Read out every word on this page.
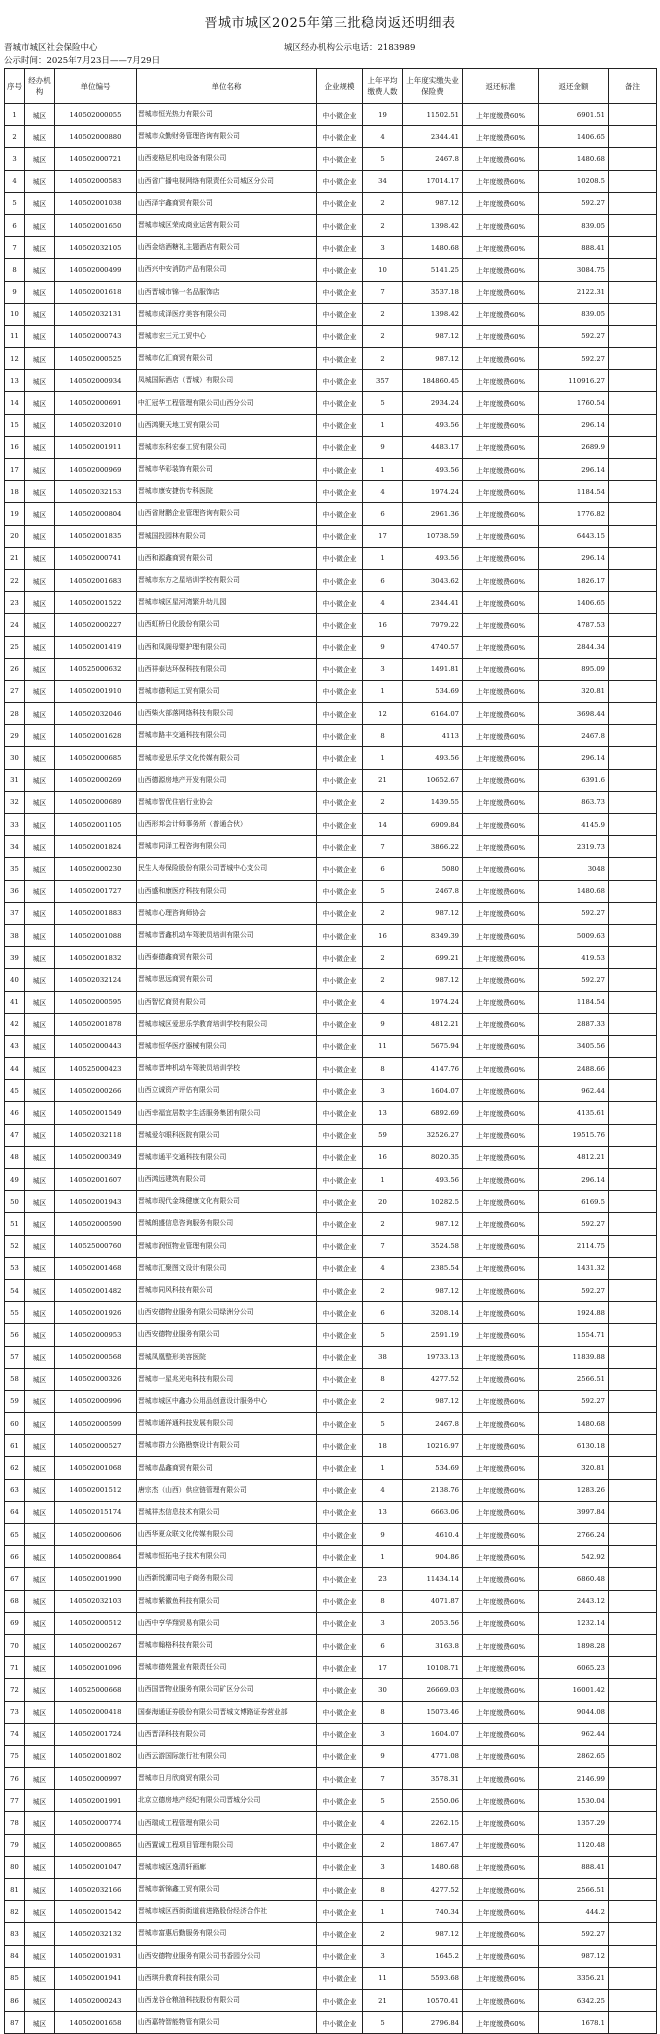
晋城市城区2025年第三批稳岗返还明细表
晋城市城区社会保险中心	城区经办机构公示电话：2183989
公示时间：2025年7月23日——7月29日
序号	经办机构	单位编号	单位名称	企业规模	上年平均缴费人数	上年度实缴失业保险费	返还标准	返还金额	备注
1	城区	140502000055	晋城市恒光热力有限公司	中小微企业	19	11502.51	上年度缴费60%	6901.51	
2	城区	140502000880	晋城市众勤财务管理咨询有限公司	中小微企业	4	2344.41	上年度缴费60%	1406.65	
3	城区	140502000721	山西麦格尼机电设备有限公司	中小微企业	5	2467.8	上年度缴费60%	1480.68	
4	城区	140502000583	山西省广播电视网络有限责任公司城区分公司	中小微企业	34	17014.17	上年度缴费60%	10208.5	
5	城区	140502001038	山西泽宇鑫商贸有限公司	中小微企业	2	987.12	上年度缴费60%	592.27	
6	城区	140502001650	晋城市城区荣成商业运营有限公司	中小微企业	2	1398.42	上年度缴费60%	839.05	
7	城区	140502032105	山西金焙酒糖礼主题酒店有限公司	中小微企业	3	1480.68	上年度缴费60%	888.41	
8	城区	140502000499	山西兴中安消防产品有限公司	中小微企业	10	5141.25	上年度缴费60%	3084.75	
9	城区	140502001618	山西晋城市锦一名品服饰店	中小微企业	7	3537.18	上年度缴费60%	2122.31	
10	城区	140502032131	晋城市成泽医疗美容有限公司	中小微企业	2	1398.42	上年度缴费60%	839.05	
11	城区	140502000743	晋城市宏三元工贸中心	中小微企业	2	987.12	上年度缴费60%	592.27	
12	城区	140502000525	晋城市亿汇商贸有限公司	中小微企业	2	987.12	上年度缴费60%	592.27	
13	城区	140502000934	凤城国际酒店（晋城）有限公司	中小微企业	357	184860.45	上年度缴费60%	110916.27	
14	城区	140502000691	中汇冠华工程管理有限公司山西分公司	中小微企业	5	2934.24	上年度缴费60%	1760.54	
15	城区	140502032010	山西鸿聚天地工贸有限公司	中小微企业	1	493.56	上年度缴费60%	296.14	
16	城区	140502001911	晋城市东科宏泰工贸有限公司	中小微企业	9	4483.17	上年度缴费60%	2689.9	
17	城区	140502000969	晋城市华彩装饰有限公司	中小微企业	1	493.56	上年度缴费60%	296.14	
18	城区	140502032153	晋城市康安捷伤专科医院	中小微企业	4	1974.24	上年度缴费60%	1184.54	
19	城区	140502000804	山西省财鹏企业管理咨询有限公司	中小微企业	6	2961.36	上年度缴费60%	1776.82	
20	城区	140502001835	晋城国投园林有限公司	中小微企业	17	10738.59	上年度缴费60%	6443.15	
21	城区	140502000741	山西和源鑫商贸有限公司	中小微企业	1	493.56	上年度缴费60%	296.14	
22	城区	140502001683	晋城市东方之星培训学校有限公司	中小微企业	6	3043.62	上年度缴费60%	1826.17	
23	城区	140502001522	晋城市城区星河湾繁升幼儿园	中小微企业	4	2344.41	上年度缴费60%	1406.65	
24	城区	140502000227	山西虹桥日化股份有限公司	中小微企业	16	7979.22	上年度缴费60%	4787.53	
25	城区	140502001419	山西和凤阁母婴护理有限公司	中小微企业	9	4740.57	上年度缴费60%	2844.34	
26	城区	140525000632	山西祥泰达环保科技有限公司	中小微企业	3	1491.81	上年度缴费60%	895.09	
27	城区	140502001910	晋城市德利运工贸有限公司	中小微企业	1	534.69	上年度缴费60%	320.81	
28	城区	140502032046	山西柴火部落网络科技有限公司	中小微企业	12	6164.07	上年度缴费60%	3698.44	
29	城区	140502001628	晋城市路丰交通科技有限公司	中小微企业	8	4113	上年度缴费60%	2467.8	
30	城区	140502000685	晋城市爱思乐学文化传媒有限公司	中小微企业	1	493.56	上年度缴费60%	296.14	
31	城区	140502000269	山西德源房地产开发有限公司	中小微企业	21	10652.67	上年度缴费60%	6391.6	
32	城区	140502000689	晋城市智优住宿行业协会	中小微企业	2	1439.55	上年度缴费60%	863.73	
33	城区	140502001105	山西形邦会计师事务所（普通合伙）	中小微企业	14	6909.84	上年度缴费60%	4145.9	
34	城区	140502001824	晋城市同泽工程咨询有限公司	中小微企业	7	3866.22	上年度缴费60%	2319.73	
35	城区	140502000230	民生人寿保险股份有限公司晋城中心支公司	中小微企业	6	5080	上年度缴费60%	3048	
36	城区	140502001727	山西盛和康医疗科技有限公司	中小微企业	5	2467.8	上年度缴费60%	1480.68	
37	城区	140502001883	晋城市心理咨询师协会	中小微企业	2	987.12	上年度缴费60%	592.27	
38	城区	140502001088	晋城市晋鑫机动车驾驶员培训有限公司	中小微企业	16	8349.39	上年度缴费60%	5009.63	
39	城区	140502001832	山西泰德鑫商贸有限公司	中小微企业	2	699.21	上年度缴费60%	419.53	
40	城区	140502032124	晋城市思远商贸有限公司	中小微企业	2	987.12	上年度缴费60%	592.27	
41	城区	140502000595	山西智忆商贸有限公司	中小微企业	4	1974.24	上年度缴费60%	1184.54	
42	城区	140502001878	晋城市城区爱思乐学教育培训学校有限公司	中小微企业	9	4812.21	上年度缴费60%	2887.33	
43	城区	140502000443	晋城市恒华医疗器械有限公司	中小微企业	11	5675.94	上年度缴费60%	3405.56	
44	城区	140525000423	晋城市晋坤机动车驾驶员培训学校	中小微企业	8	4147.76	上年度缴费60%	2488.66	
45	城区	140502000266	山西立诚资产评估有限公司	中小微企业	3	1604.07	上年度缴费60%	962.44	
46	城区	140502001549	山西幸福宜居数字生活服务集团有限公司	中小微企业	13	6892.69	上年度缴费60%	4135.61	
47	城区	140502032118	晋城爱尔眼科医院有限公司	中小微企业	59	32526.27	上年度缴费60%	19515.76	
48	城区	140502000349	晋城市通平交通科技有限公司	中小微企业	16	8020.35	上年度缴费60%	4812.21	
49	城区	140502001607	山西鸿远建筑有限公司	中小微企业	1	493.56	上年度缴费60%	296.14	
50	城区	140502001943	晋城市现代金珠健康文化有限公司	中小微企业	20	10282.5	上年度缴费60%	6169.5	
51	城区	140502000590	晋城朗盛信息咨询服务有限公司	中小微企业	2	987.12	上年度缴费60%	592.27	
52	城区	140525000760	晋城市润恒物业管理有限公司	中小微企业	7	3524.58	上年度缴费60%	2114.75	
53	城区	140502001468	晋城市汇聚图文设计有限公司	中小微企业	4	2385.54	上年度缴费60%	1431.32	
54	城区	140502001482	晋城市同风科技有限公司	中小微企业	2	987.12	上年度缴费60%	592.27	
55	城区	140502001926	山西安德物业服务有限公司绿洲分公司	中小微企业	6	3208.14	上年度缴费60%	1924.88	
56	城区	140502000953	山西安德物业服务有限公司	中小微企业	5	2591.19	上年度缴费60%	1554.71	
57	城区	140502000568	晋城凤凰整形美容医院	中小微企业	38	19733.13	上年度缴费60%	11839.88	
58	城区	140502000326	晋城市一星兆光电科技有限公司	中小微企业	8	4277.52	上年度缴费60%	2566.51	
59	城区	140502000996	晋城市城区中鑫办公用品创意设计服务中心	中小微企业	2	987.12	上年度缴费60%	592.27	
60	城区	140502000599	晋城市通祥通科技发展有限公司	中小微企业	5	2467.8	上年度缴费60%	1480.68	
61	城区	140502000527	晋城市群力公路勘察设计有限公司	中小微企业	18	10216.97	上年度缴费60%	6130.18	
62	城区	140502001068	晋城市晶鑫商贸有限公司	中小微企业	1	534.69	上年度缴费60%	320.81	
63	城区	140502001512	唐宗杰（山西）供应链管理有限公司	中小微企业	4	2138.76	上年度缴费60%	1283.26	
64	城区	140502015174	晋城祥杰信息技术有限公司	中小微企业	13	6663.06	上年度缴费60%	3997.84	
65	城区	140502000606	山西华夏众联文化传媒有限公司	中小微企业	9	4610.4	上年度缴费60%	2766.24	
66	城区	140502000864	晋城市恒拓电子技术有限公司	中小微企业	1	904.86	上年度缴费60%	542.92	
67	城区	140502001990	山西新悦潮司电子商务有限公司	中小微企业	23	11434.14	上年度缴费60%	6860.48	
68	城区	140502032103	晋城市紫徽鱼科技有限公司	中小微企业	8	4071.87	上年度缴费60%	2443.12	
69	城区	140502000512	山西中亨华翔贸易有限公司	中小微企业	3	2053.56	上年度缴费60%	1232.14	
70	城区	140502000267	晋城市翰格科技有限公司	中小微企业	6	3163.8	上年度缴费60%	1898.28	
71	城区	140502001096	晋城市德苑置业有限责任公司	中小微企业	17	10108.71	上年度缴费60%	6065.23	
72	城区	140525000668	山西国晋物业服务有限公司矿区分公司	中小微企业	30	26669.03	上年度缴费60%	16001.42	
73	城区	140502000418	国泰海通证券股份有限公司晋城文博路证券营业部	中小微企业	8	15073.46	上年度缴费60%	9044.08	
74	城区	140502001724	山西晋泽科技有限公司	中小微企业	3	1604.07	上年度缴费60%	962.44	
75	城区	140502001802	山西云游国际旅行社有限公司	中小微企业	9	4771.08	上年度缴费60%	2862.65	
76	城区	140502000997	晋城市日月欣商贸有限公司	中小微企业	7	3578.31	上年度缴费60%	2146.99	
77	城区	140502001991	北京立德房地产经纪有限公司晋城分公司	中小微企业	5	2550.06	上年度缴费60%	1530.04	
78	城区	140502000774	山西瑞成工程管理有限公司	中小微企业	4	2262.15	上年度缴费60%	1357.29	
79	城区	140502000865	山西置诚工程项目管理有限公司	中小微企业	2	1867.47	上年度缴费60%	1120.48	
80	城区	140502001047	晋城市城区逸清轩画廊	中小微企业	3	1480.68	上年度缴费60%	888.41	
81	城区	140502032166	晋城市新锦鑫工贸有限公司	中小微企业	8	4277.52	上年度缴费60%	2566.51	
82	城区	140502001542	晋城市城区西街街道前进路股份经济合作社	中小微企业	1	740.34	上年度缴费60%	444.2	
83	城区	140502032132	晋城市富惠后勤服务有限公司	中小微企业	2	987.12	上年度缴费60%	592.27	
84	城区	140502001931	山西安德物业服务有限公司书香园分公司	中小微企业	3	1645.2	上年度缴费60%	987.12	
85	城区	140502001941	山西琪升教育科技有限公司	中小微企业	11	5593.68	上年度缴费60%	3356.21	
86	城区	140502000243	山西龙谷仓粮油科技股份有限公司	中小微企业	21	10570.41	上年度缴费60%	6342.25	
87	城区	140502001658	山西嘉特智能物管有限公司	中小微企业	5	2796.84	上年度缴费60%	1678.1	
